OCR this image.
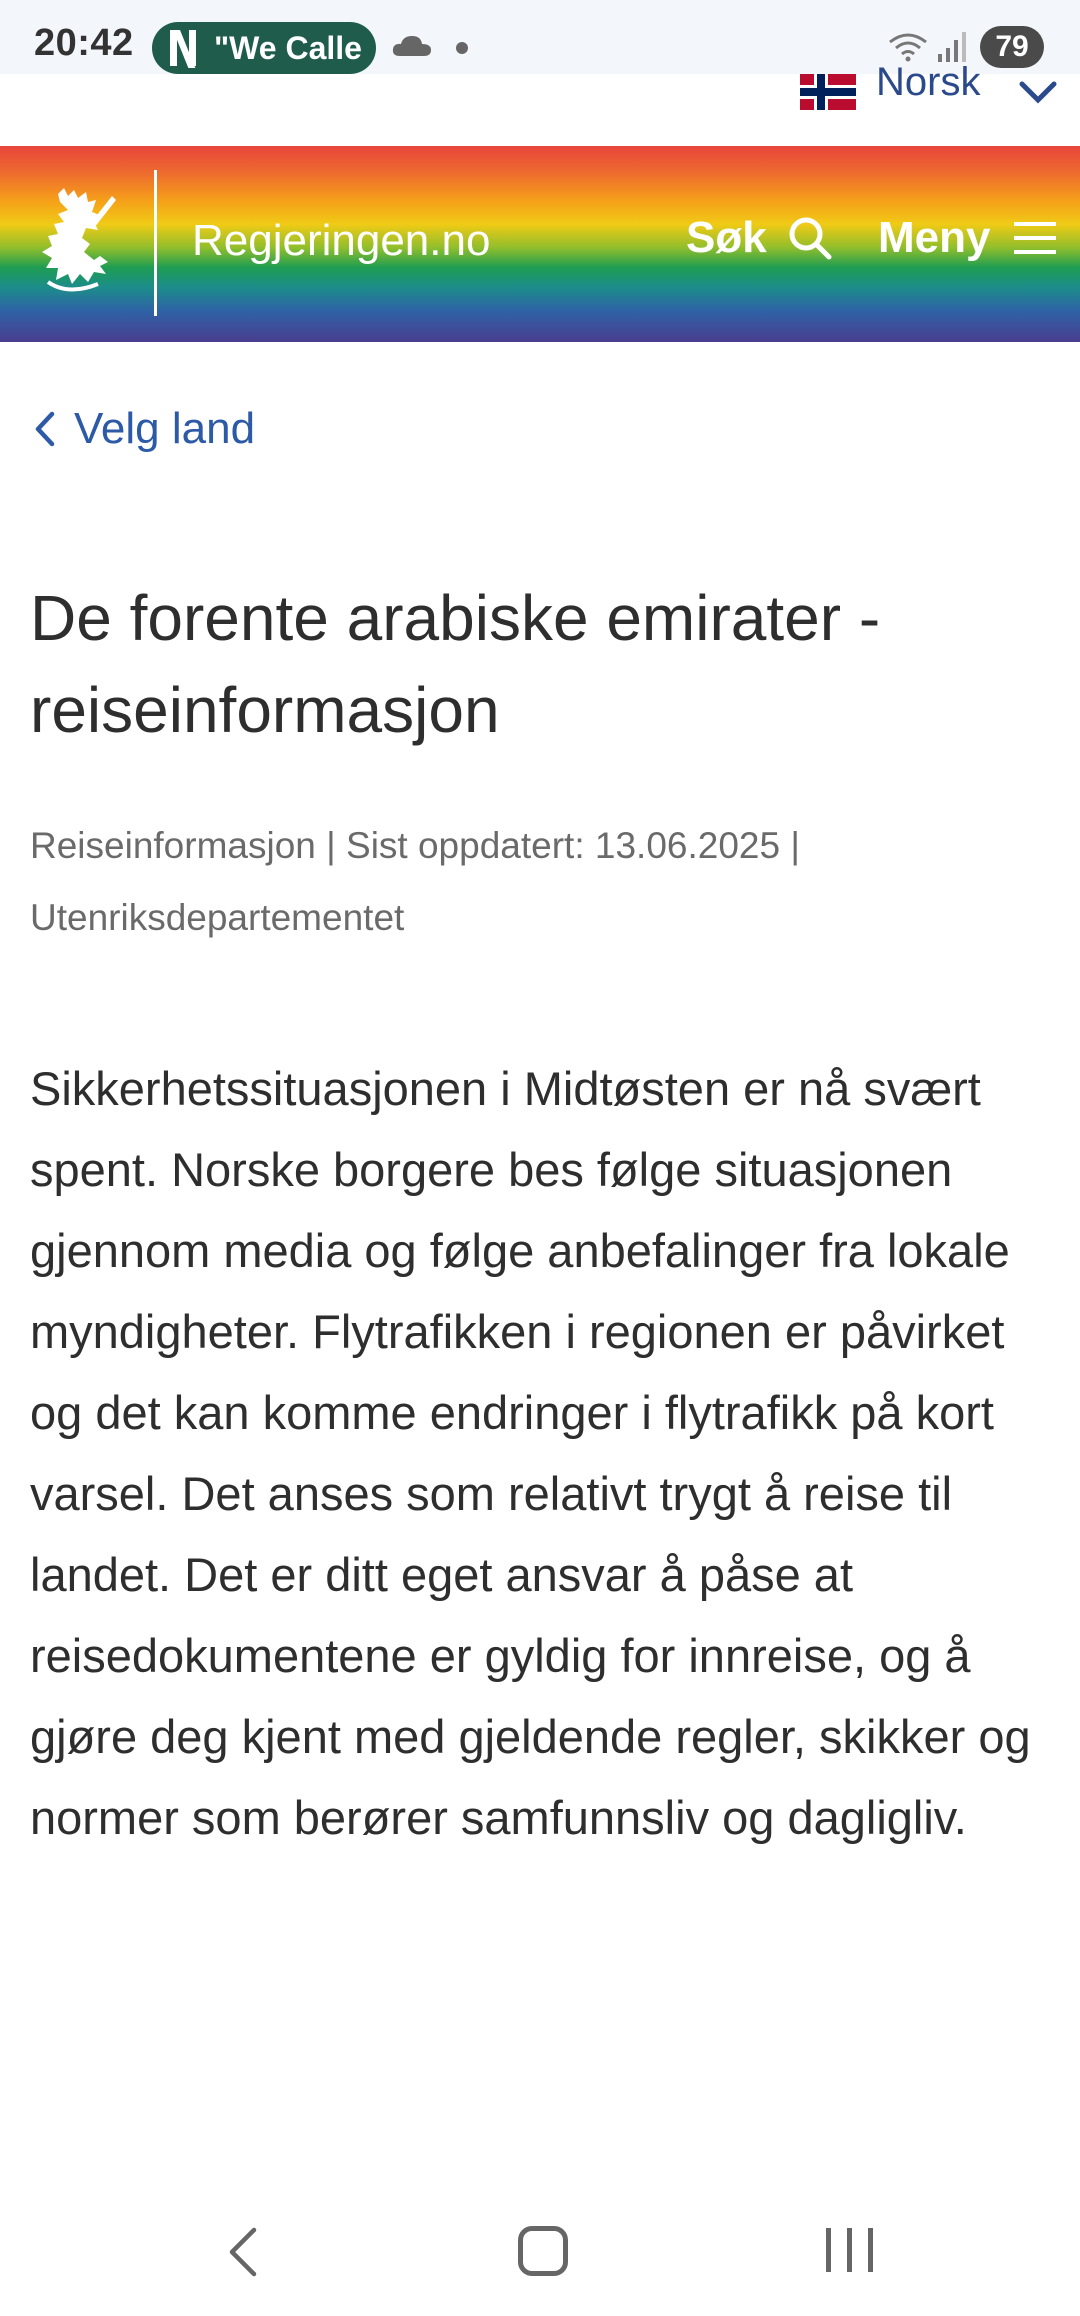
20:42	"We Calle	79
Norsk
Regjeringen.no	Søk	Meny
Velg land
De forente arabiske emirater - reiseinformasjon
Reiseinformasjon | Sist oppdatert: 13.06.2025 | Utenriksdepartementet

Sikkerhetssituasjonen i Midtøsten er nå svært spent. Norske borgere bes følge situasjonen gjennom media og følge anbefalinger fra lokale myndigheter. Flytrafikken i regionen er påvirket og det kan komme endringer i flytrafikk på kort varsel. Det anses som relativt trygt å reise til landet. Det er ditt eget ansvar å påse at reisedokumentene er gyldig for innreise, og å gjøre deg kjent med gjeldende regler, skikker og normer som berører samfunnsliv og dagligliv.
